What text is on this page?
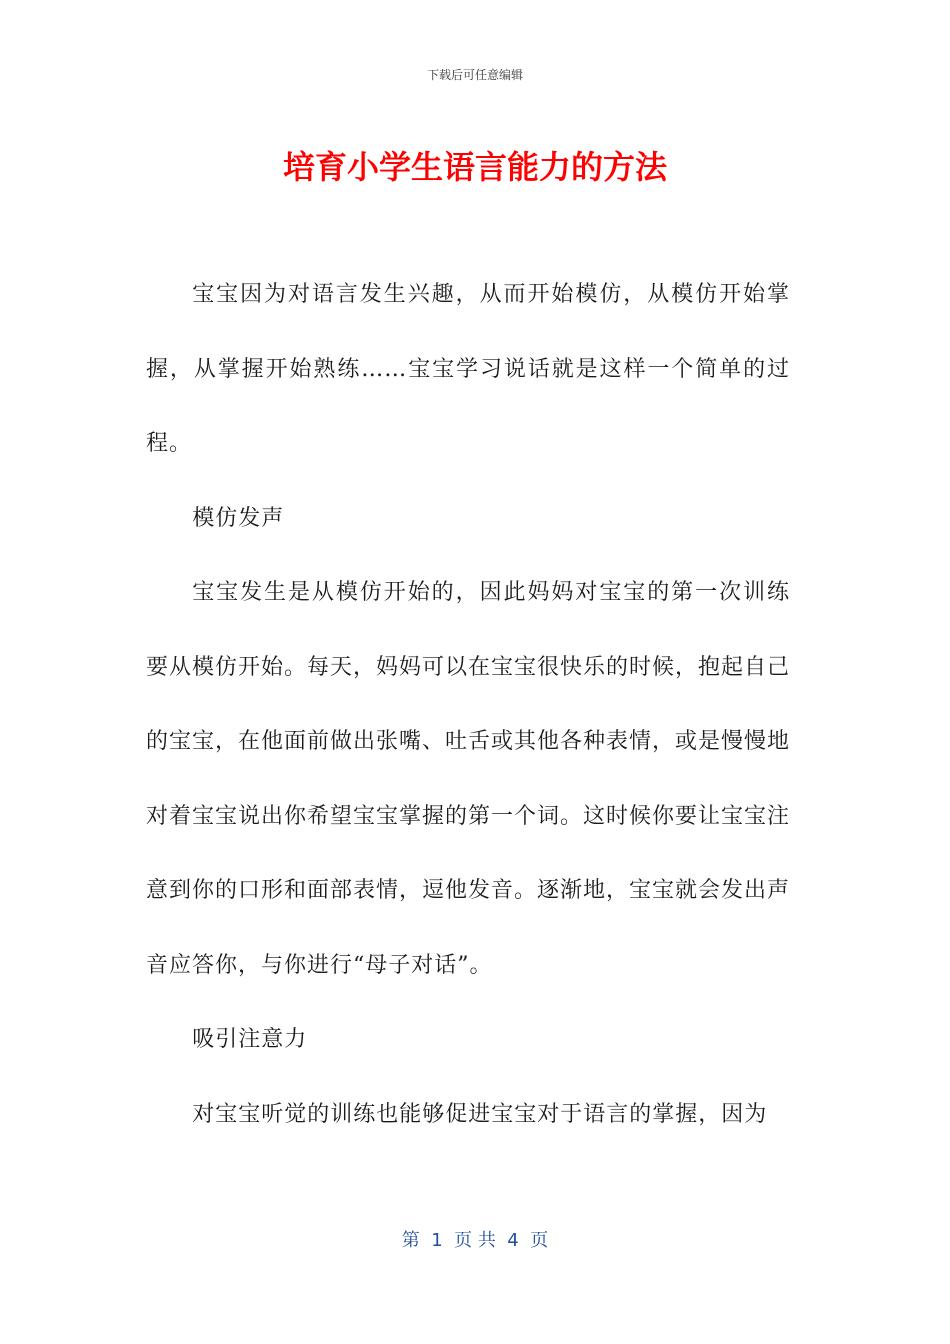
下载后可任意编辑
培育小学生语言能力的方法

宝宝因为对语言发生兴趣，从而开始模仿，从模仿开始掌握，从掌握开始熟练……宝宝学习说话就是这样一个简单的过程。

模仿发声

宝宝发生是从模仿开始的，因此妈妈对宝宝的第一次训练要从模仿开始。每天，妈妈可以在宝宝很快乐的时候，抱起自己的宝宝，在他面前做出张嘴、吐舌或其他各种表情，或是慢慢地对着宝宝说出你希望宝宝掌握的第一个词。这时候你要让宝宝注意到你的口形和面部表情，逗他发音。逐渐地，宝宝就会发出声音应答你，与你进行“母子对话”。

吸引注意力

对宝宝听觉的训练也能够促进宝宝对于语言的掌握，因为

第  1  页 共  4  页
